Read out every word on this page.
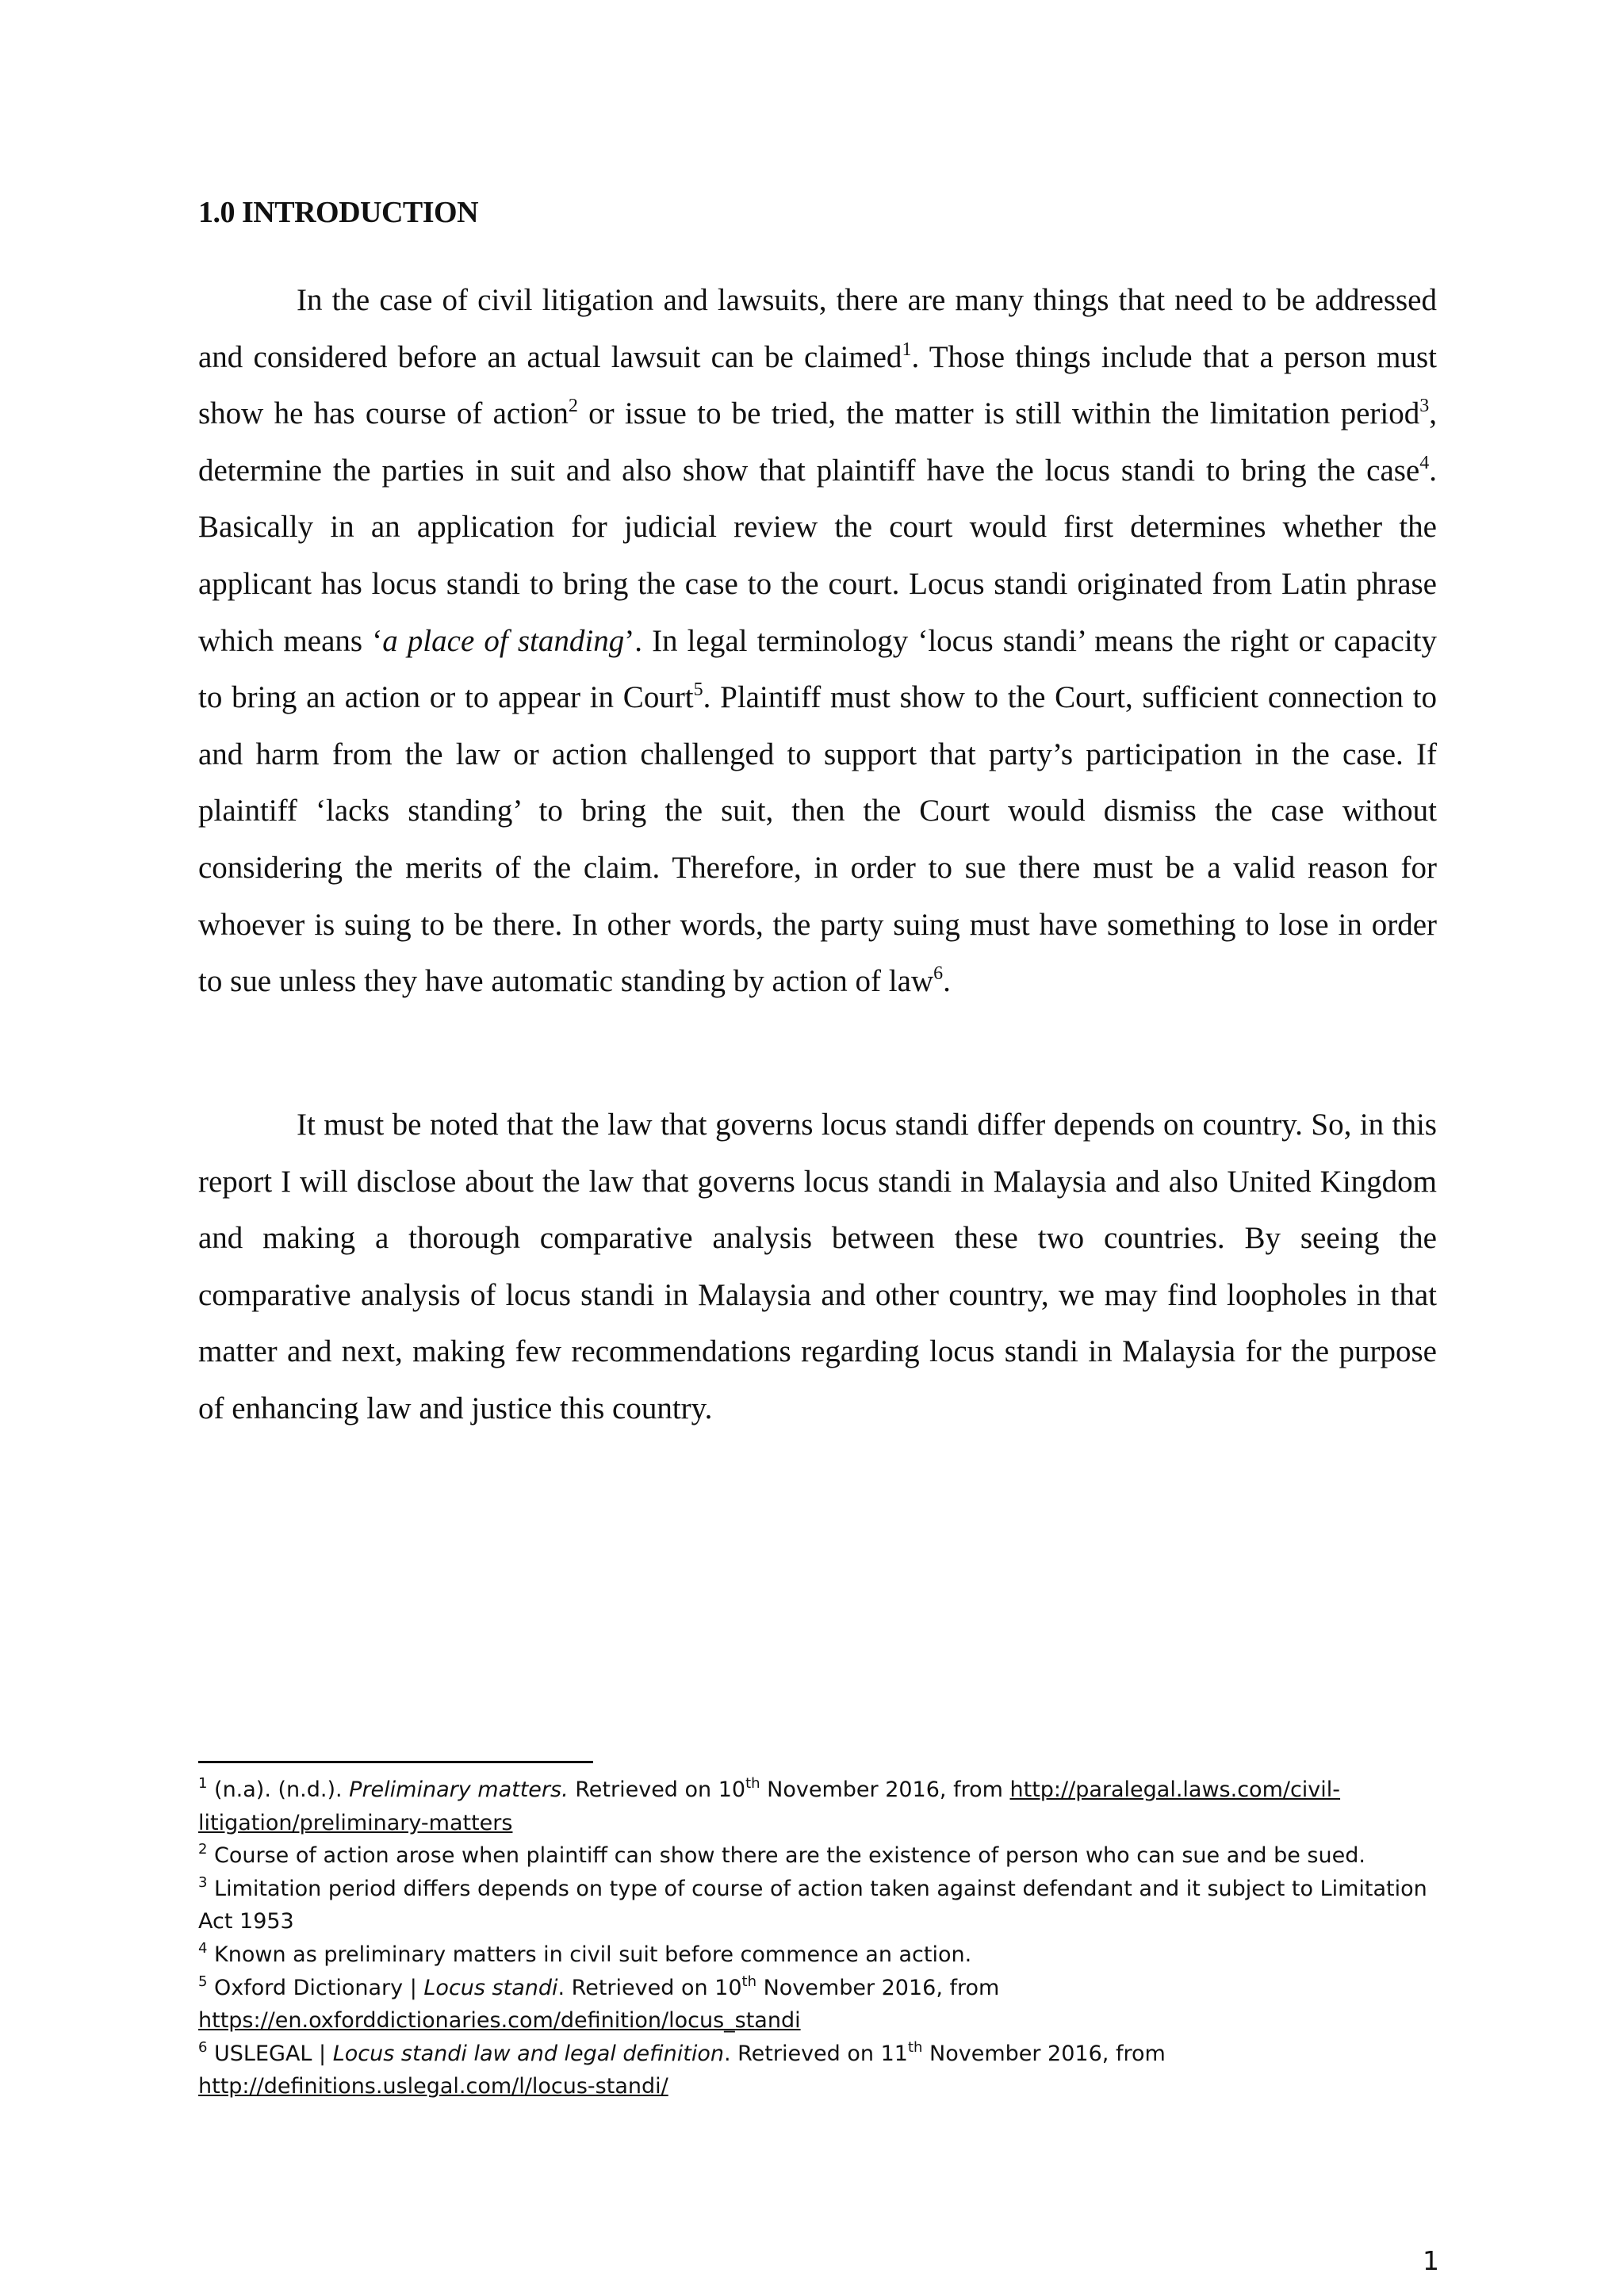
1.0 INTRODUCTION

In the case of civil litigation and lawsuits, there are many things that need to be addressed and considered before an actual lawsuit can be claimed$^1$. Those things include that a person must show he has course of action$^2$ or issue to be tried, the matter is still within the limitation period$^3$, determine the parties in suit and also show that plaintiff have the locus standi to bring the case$^4$. Basically in an application for judicial review the court would first determines whether the applicant has locus standi to bring the case to the court. Locus standi originated from Latin phrase which means ‘a place of standing’. In legal terminology ‘locus standi’ means the right or capacity to bring an action or to appear in Court$^5$. Plaintiff must show to the Court, sufficient connection to and harm from the law or action challenged to support that party’s participation in the case. If plaintiff ‘lacks standing’ to bring the suit, then the Court would dismiss the case without considering the merits of the claim. Therefore, in order to sue there must be a valid reason for whoever is suing to be there. In other words, the party suing must have something to lose in order to sue unless they have automatic standing by action of law$^6$.

It must be noted that the law that governs locus standi differ depends on country. So, in this report I will disclose about the law that governs locus standi in Malaysia and also United Kingdom and making a thorough comparative analysis between these two countries. By seeing the comparative analysis of locus standi in Malaysia and other country, we may find loopholes in that matter and next, making few recommendations regarding locus standi in Malaysia for the purpose of enhancing law and justice this country.

$^1$ (n.a). (n.d.). Preliminary matters. Retrieved on 10th November 2016, from http://paralegal.laws.com/civil-litigation/preliminary-matters

$^2$ Course of action arose when plaintiff can show there are the existence of person who can sue and be sued.

$^3$ Limitation period differs depends on type of course of action taken against defendant and it subject to Limitation Act 1953

$^4$ Known as preliminary matters in civil suit before commence an action.

$^5$ Oxford Dictionary | Locus standi. Retrieved on 10th November 2016, from
https://en.oxforddictionaries.com/definition/locus_standi

$^6$ USLEGAL | Locus standi law and legal definition. Retrieved on 11th November 2016, from
http://definitions.uslegal.com/l/locus-standi/

1
